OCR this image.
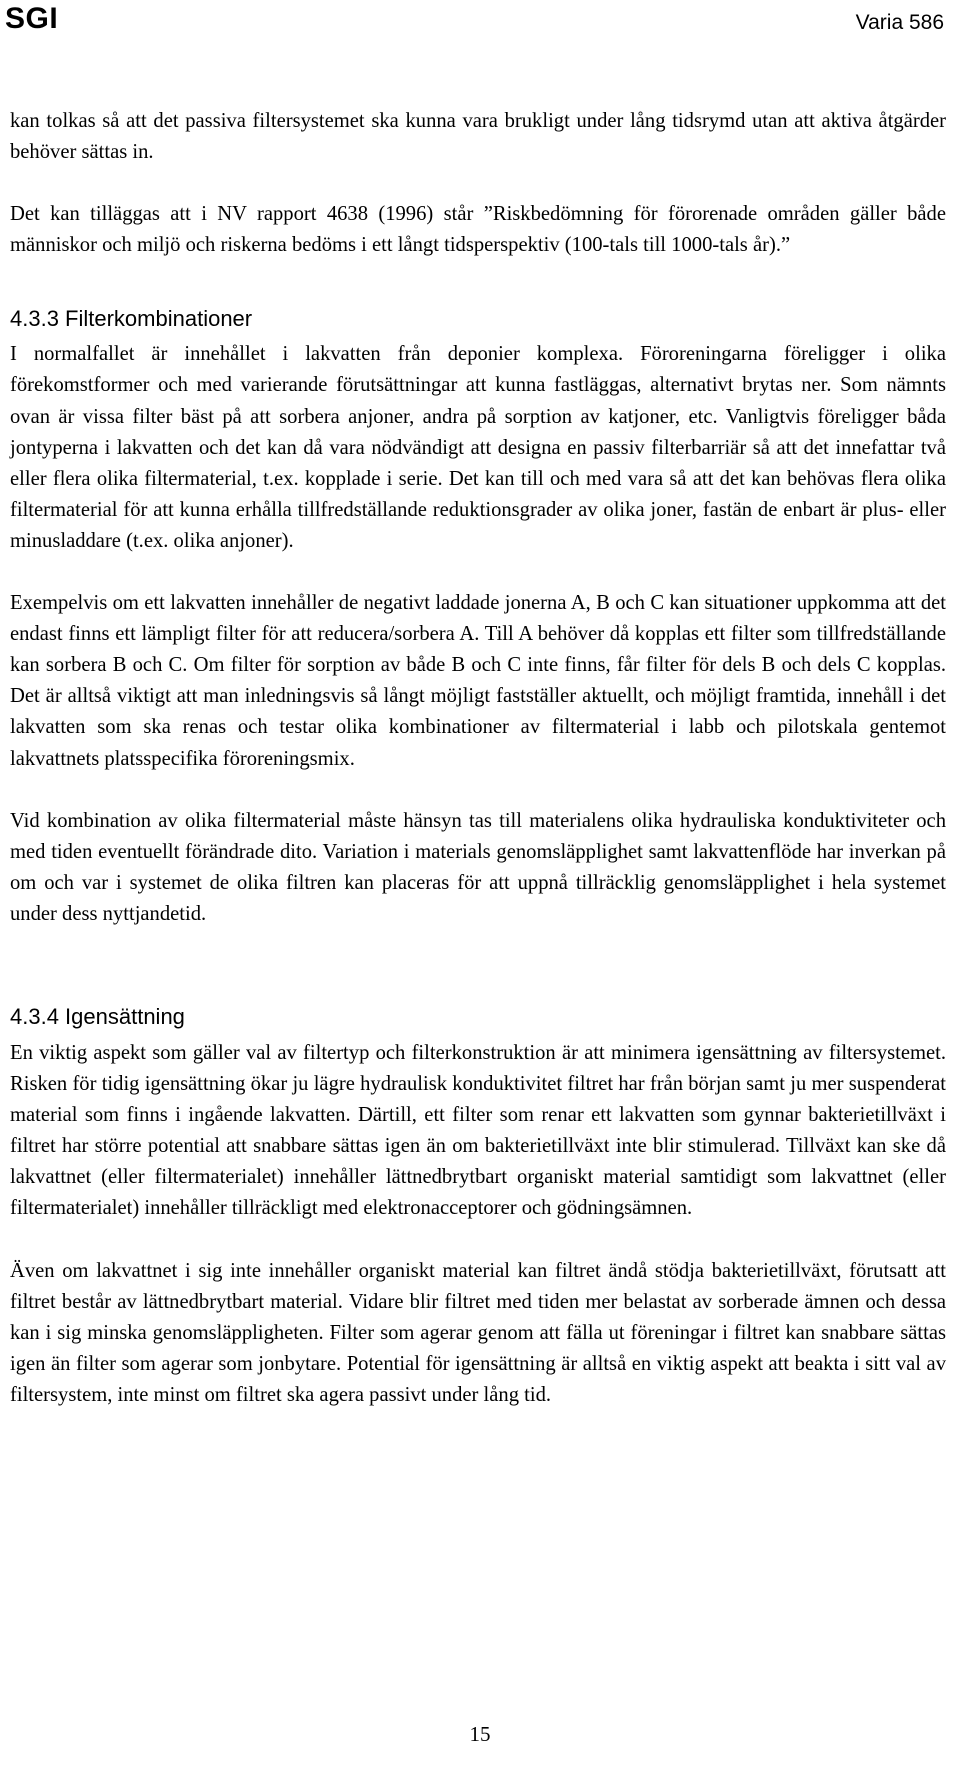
SGI	Varia 586

kan tolkas så att det passiva filtersystemet ska kunna vara brukligt under lång tidsrymd utan att aktiva åtgärder behöver sättas in.

Det kan tilläggas att i NV rapport 4638 (1996) står ”Riskbedömning för förorenade områden gäller både människor och miljö och riskerna bedöms i ett långt tidsperspektiv (100-tals till 1000-tals år).”

4.3.3 Filterkombinationer

I normalfallet är innehållet i lakvatten från deponier komplexa. Föroreningarna föreligger i olika förekomstformer och med varierande förutsättningar att kunna fastläggas, alternativt brytas ner. Som nämnts ovan är vissa filter bäst på att sorbera anjoner, andra på sorption av katjoner, etc. Vanligtvis föreligger båda jontyperna i lakvatten och det kan då vara nödvändigt att designa en passiv filterbarriär så att det innefattar två eller flera olika filtermaterial, t.ex. kopplade i serie. Det kan till och med vara så att det kan behövas flera olika filtermaterial för att kunna erhålla tillfredställande reduktionsgrader av olika joner, fastän de enbart är plus- eller minusladdare (t.ex. olika anjoner).

Exempelvis om ett lakvatten innehåller de negativt laddade jonerna A, B och C kan situationer uppkomma att det endast finns ett lämpligt filter för att reducera/sorbera A. Till A behöver då kopplas ett filter som tillfredställande kan sorbera B och C. Om filter för sorption av både B och C inte finns, får filter för dels B och dels C kopplas. Det är alltså viktigt att man inledningsvis så långt möjligt fastställer aktuellt, och möjligt framtida, innehåll i det lakvatten som ska renas och testar olika kombinationer av filtermaterial i labb och pilotskala gentemot lakvattnets platsspecifika föroreningsmix.

Vid kombination av olika filtermaterial måste hänsyn tas till materialens olika hydrauliska konduktiviteter och med tiden eventuellt förändrade dito. Variation i materials genomsläpplighet samt lakvattenflöde har inverkan på om och var i systemet de olika filtren kan placeras för att uppnå tillräcklig genomsläpplighet i hela systemet under dess nyttjandetid.

4.3.4 Igensättning

En viktig aspekt som gäller val av filtertyp och filterkonstruktion är att minimera igensättning av filtersystemet. Risken för tidig igensättning ökar ju lägre hydraulisk konduktivitet filtret har från början samt ju mer suspenderat material som finns i ingående lakvatten. Därtill, ett filter som renar ett lakvatten som gynnar bakterietillväxt i filtret har större potential att snabbare sättas igen än om bakterietillväxt inte blir stimulerad. Tillväxt kan ske då lakvattnet (eller filtermaterialet) innehåller lättnedbrytbart organiskt material samtidigt som lakvattnet (eller filtermaterialet) innehåller tillräckligt med elektronacceptorer och gödningsämnen.

Även om lakvattnet i sig inte innehåller organiskt material kan filtret ändå stödja bakterietillväxt, förutsatt att filtret består av lättnedbrytbart material. Vidare blir filtret med tiden mer belastat av sorberade ämnen och dessa kan i sig minska genomsläppligheten. Filter som agerar genom att fälla ut föreningar i filtret kan snabbare sättas igen än filter som agerar som jonbytare. Potential för igensättning är alltså en viktig aspekt att beakta i sitt val av filtersystem, inte minst om filtret ska agera passivt under lång tid.

15
